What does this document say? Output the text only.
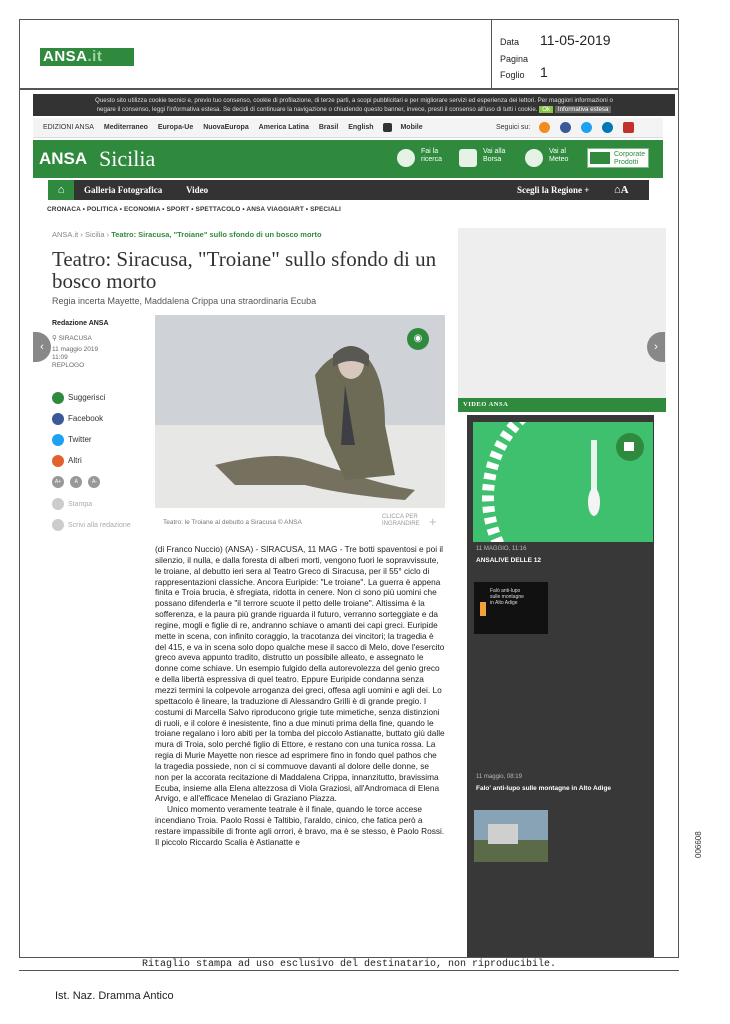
ANSA.it
Data 11-05-2019
Pagina
Foglio 1
Questo sito utilizza cookie tecnici e, previo tuo consenso, cookie di profilazione, di terze parti, a scopi pubblicitari e per migliorare servizi ed esperienza dei lettori. Per maggiori informazioni o
negare il consenso, leggi l'informativa estesa. Se decidi di continuare la navigazione o chiudendo questo banner, invece, presti il consenso all'uso di tutti i cookie. Ok Informativa estesa
EDIZIONI ANSA Mediterraneo Europa-Ue NuovaEuropa America Latina Brasil English	Mobile	Seguici su:

ANSA Sicilia	Fai la
ricerca
Vai alla
Borsa
Vai al
Meteo
Corporate
Prodotti
⌂	Galleria Fotografica	Video	Scegli la Regione + ⌂A
CRONACA • POLITICA • ECONOMIA • SPORT • SPETTACOLO • ANSA VIAGGIART • SPECIALI
ANSA.it › Sicilia › Teatro: Siracusa, "Troiane" sullo sfondo di un bosco morto
Teatro: Siracusa, "Troiane" sullo sfondo di un bosco morto
Regia incerta Mayette, Maddalena Crippa una straordinaria Ecuba
Redazione ANSA
⚲ SIRACUSA
11 maggio 2019
11:09
REPLOGO
Suggerisci
Facebook
Twitter
Altri
A+	A	A-
Stampa
Scrivi alla redazione
◉
Teatro: le Troiane al debutto a Siracusa © ANSA
CLICCA PER
INGRANDIRE +

(di Franco Nuccio) (ANSA) - SIRACUSA, 11 MAG - Tre botti spaventosi e poi il silenzio, il nulla, e dalla foresta di alberi morti, vengono fuori le sopravvissute, le troiane, al debutto ieri sera al Teatro Greco di Siracusa, per il 55° ciclo di rappresentazioni classiche. Ancora Euripide: "Le troiane". La guerra è appena finita e Troia brucia, è sfregiata, ridotta in cenere. Non ci sono più uomini che possano difenderla e "il terrore scuote il petto delle troiane". Altissima è la sofferenza, e la paura più grande riguarda il futuro, verranno sorteggiate e da regine, mogli e figlie di re, andranno schiave o amanti dei capi greci. Euripide mette in scena, con infinito coraggio, la tracotanza dei vincitori; la tragedia è del 415, e va in scena solo dopo qualche mese il sacco di Melo, dove l'esercito greco aveva appunto tradito, distrutto un possibile alleato, e assegnato le donne come schiave. Un esempio fulgido della autorevolezza del genio greco e della libertà espressiva di quel teatro. Eppure Euripide condanna senza mezzi termini la colpevole arroganza dei greci, offesa agli uomini e agli dei. Lo spettacolo è lineare, la traduzione di Alessandro Grilli è di grande pregio. I costumi di Marcella Salvo riproducono grigie tute mimetiche, senza distinzioni di ruoli, e il colore è inesistente, fino a due minuti prima della fine, quando le troiane regalano i loro abiti per la tomba del piccolo Astianatte, buttato giù dalle mura di Troia, solo perché figlio di Ettore, e restano con una tunica rossa. La regia di Murie Mayette non riesce ad esprimere fino in fondo quel pathos che la tragedia possiede, non ci si commuove davanti al dolore delle donne, se non per la accorata recitazione di Maddalena Crippa, innanzitutto, bravissima Ecuba, insieme alla Elena altezzosa di Viola Graziosi, all'Andromaca di Elena Arvigo, e all'efficace Menelao di Graziano Piazza.

Unico momento veramente teatrale è il finale, quando le torce accese incendiano Troia. Paolo Rossi è Taltibio, l'araldo, cinico, che fatica però a restare impassibile di fronte agli orrori, è bravo, ma è se stesso, è Paolo Rossi. Il piccolo Riccardo Scalia è Astianatte e

VIDEO ANSA
11 MAGGIO, 11:16
ANSALIVE DELLE 12
Falò anti-lupo
sulle montagne
in Alto Adige
11 maggio, 08:19
Falo' anti-lupo sulle montagne in Alto Adige
‹	›
Ritaglio stampa ad uso esclusivo del destinatario, non riproducibile.
Ist. Naz. Dramma Antico
006608
